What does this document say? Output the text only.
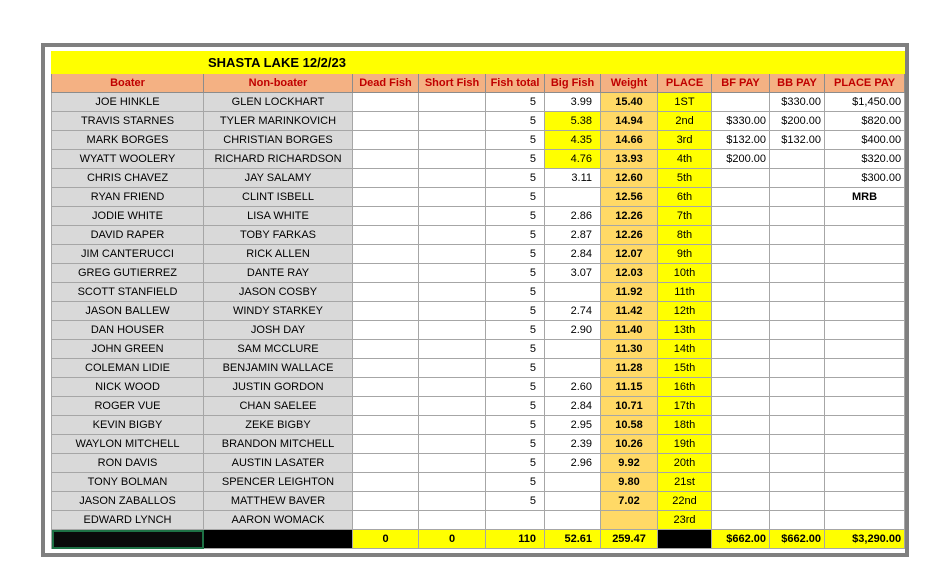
	SHASTA LAKE 12/2/23									
Boater	Non-boater	Dead Fish	Short Fish	Fish total	Big Fish	Weight	PLACE	BF PAY	BB PAY	PLACE PAY
JOE HINKLE	GLEN LOCKHART			5	3.99	15.40	1ST		$330.00	$1,450.00
TRAVIS STARNES	TYLER MARINKOVICH			5	5.38	14.94	2nd	$330.00	$200.00	$820.00
MARK BORGES	CHRISTIAN BORGES			5	4.35	14.66	3rd	$132.00	$132.00	$400.00
WYATT WOOLERY	RICHARD RICHARDSON			5	4.76	13.93	4th	$200.00		$320.00
CHRIS CHAVEZ	JAY SALAMY			5	3.11	12.60	5th			$300.00
RYAN FRIEND	CLINT ISBELL			5		12.56	6th			MRB
JODIE WHITE	LISA WHITE			5	2.86	12.26	7th			
DAVID RAPER	TOBY FARKAS			5	2.87	12.26	8th			
JIM CANTERUCCI	RICK ALLEN			5	2.84	12.07	9th			
GREG GUTIERREZ	DANTE RAY			5	3.07	12.03	10th			
SCOTT STANFIELD	JASON COSBY			5		11.92	11th			
JASON BALLEW	WINDY STARKEY			5	2.74	11.42	12th			
DAN HOUSER	JOSH DAY			5	2.90	11.40	13th			
JOHN GREEN	SAM MCCLURE			5		11.30	14th			
COLEMAN LIDIE	BENJAMIN WALLACE			5		11.28	15th			
NICK WOOD	JUSTIN GORDON			5	2.60	11.15	16th			
ROGER VUE	CHAN SAELEE			5	2.84	10.71	17th			
KEVIN BIGBY	ZEKE BIGBY			5	2.95	10.58	18th			
WAYLON MITCHELL	BRANDON MITCHELL			5	2.39	10.26	19th			
RON DAVIS	AUSTIN LASATER			5	2.96	9.92	20th			
TONY BOLMAN	SPENCER LEIGHTON			5		9.80	21st			
JASON ZABALLOS	MATTHEW BAVER			5		7.02	22nd			
EDWARD LYNCH	AARON WOMACK						23rd			
		0	0	110	52.61	259.47		$662.00	$662.00	$3,290.00
